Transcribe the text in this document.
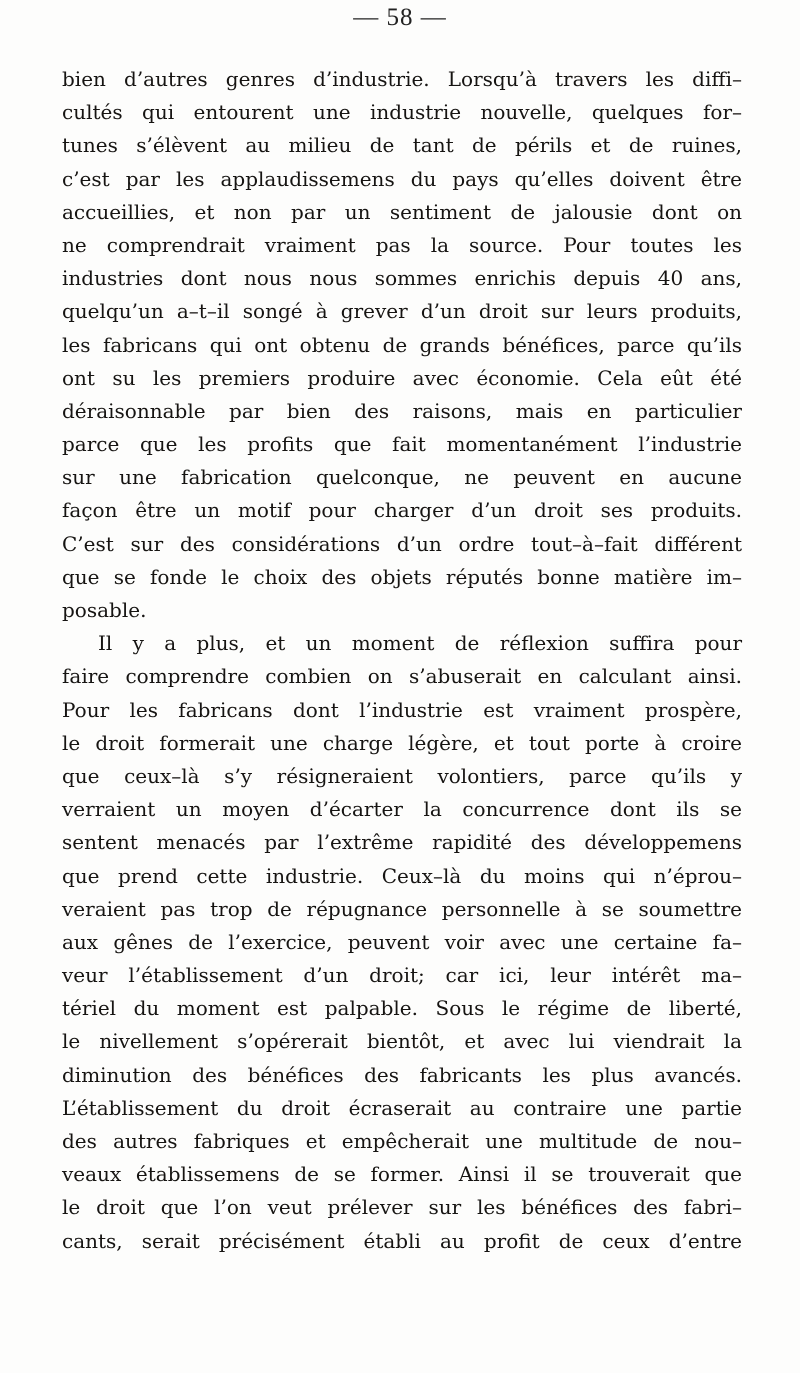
— 58 —
bien d’autres genres d’industrie. Lorsqu’à travers les diffi–
cultés qui entourent une industrie nouvelle, quelques for–
tunes s’élèvent au milieu de tant de périls et de ruines,
c’est par les applaudissemens du pays qu’elles doivent être
accueillies, et non par un sentiment de jalousie dont on
ne comprendrait vraiment pas la source. Pour toutes les
industries dont nous nous sommes enrichis depuis 40 ans,
quelqu’un a–t–il songé à grever d’un droit sur leurs produits,
les fabricans qui ont obtenu de grands bénéfices, parce qu’ils
ont su les premiers produire avec économie. Cela eût été
déraisonnable par bien des raisons, mais en particulier
parce que les profits que fait momentanément l’industrie
sur une fabrication quelconque, ne peuvent en aucune
façon être un motif pour charger d’un droit ses produits.
C’est sur des considérations d’un ordre tout–à–fait différent
que se fonde le choix des objets réputés bonne matière im–
posable.
Il y a plus, et un moment de réflexion suffira pour
faire comprendre combien on s’abuserait en calculant ainsi.
Pour les fabricans dont l’industrie est vraiment prospère,
le droit formerait une charge légère, et tout porte à croire
que ceux–là s’y résigneraient volontiers, parce qu’ils y
verraient un moyen d’écarter la concurrence dont ils se
sentent menacés par l’extrême rapidité des développemens
que prend cette industrie. Ceux–là du moins qui n’éprou–
veraient pas trop de répugnance personnelle à se soumettre
aux gênes de l’exercice, peuvent voir avec une certaine fa–
veur l’établissement d’un droit; car ici, leur intérêt ma–
tériel du moment est palpable. Sous le régime de liberté,
le nivellement s’opérerait bientôt, et avec lui viendrait la
diminution des bénéfices des fabricants les plus avancés.
L’établissement du droit écraserait au contraire une partie
des autres fabriques et empêcherait une multitude de nou–
veaux établissemens de se former. Ainsi il se trouverait que
le droit que l’on veut prélever sur les bénéfices des fabri–
cants, serait précisément établi au profit de ceux d’entre
